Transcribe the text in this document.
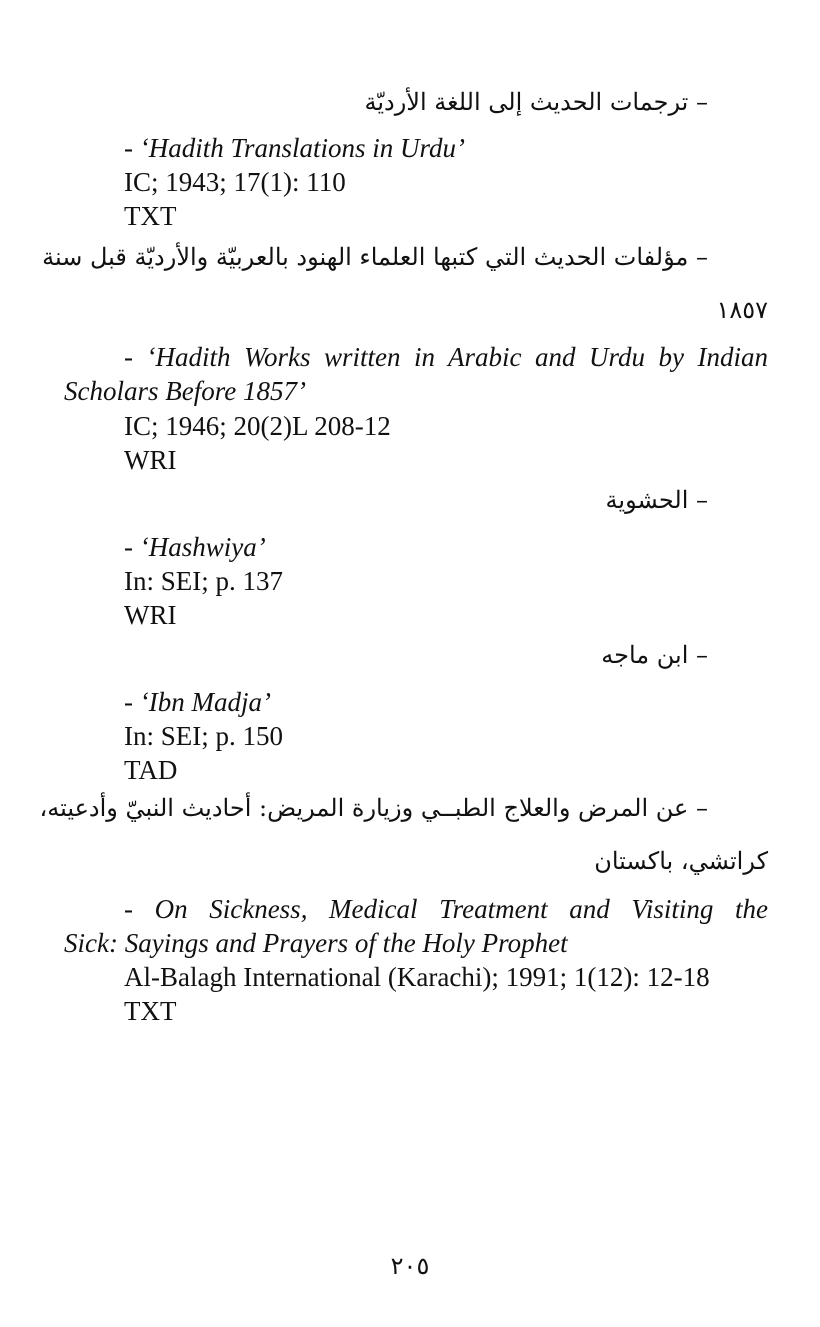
– ترجمات الحديث إلى اللغة الأرديّة
- ‘Hadith Translations in Urdu’
IC; 1943; 17(1): 110
TXT
– مؤلفات الحديث التي كتبها العلماء الهنود بالعربيّة والأرديّة قبل سنة
١٨٥٧
- ‘Hadith Works written in Arabic and Urdu by Indian
Scholars Before 1857’
IC; 1946; 20(2)L 208-12
WRI
– الحشوية
- ‘Hashwiya’
In: SEI; p. 137
WRI
– ابن ماجه
- ‘Ibn Madja’
In: SEI; p. 150
TAD
– عن المرض والعلاج الطبــي وزيارة المريض: أحاديث النبيّ وأدعيته،
كراتشي، باكستان
- On Sickness, Medical Treatment and Visiting the
Sick: Sayings and Prayers of the Holy Prophet
Al-Balagh International (Karachi); 1991; 1(12): 12-18
TXT
٢٠٥
